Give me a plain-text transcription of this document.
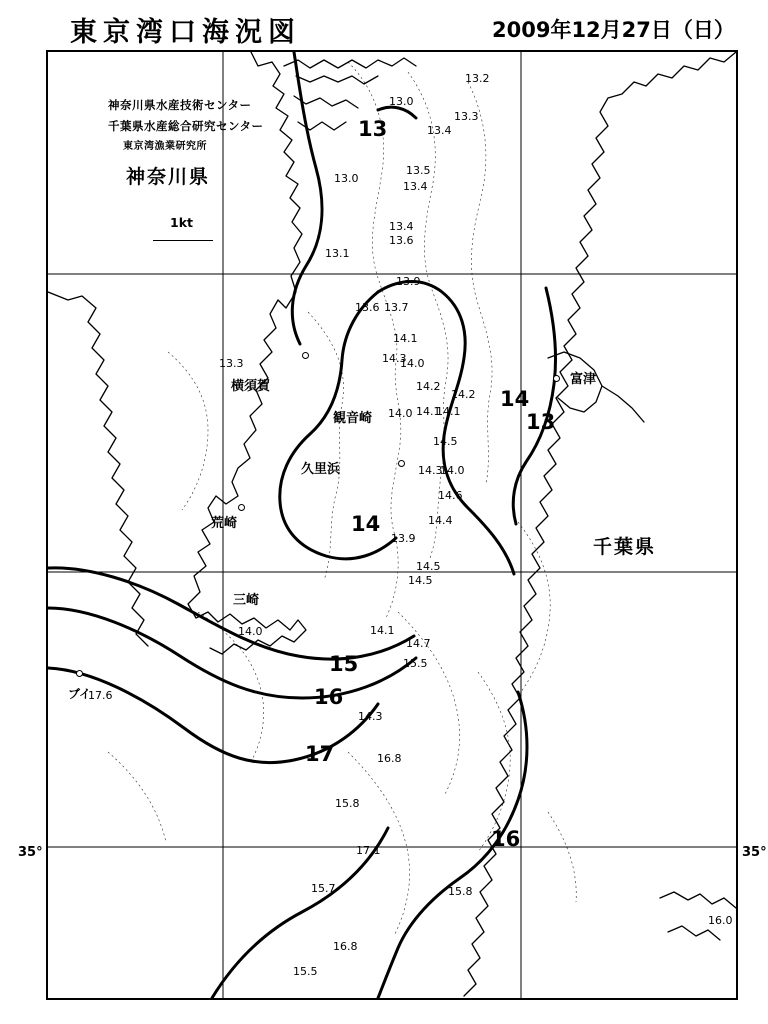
東京湾口海況図	2009年12月27日（日）
35°	35°
神奈川県水産技術センター
千葉県水産総合研究センター
東京湾漁業研究所
神奈川県
千葉県
1kt
横須賀
観音崎
久里浜
荒崎
三崎
富津
ブイ
13
14
13
14
15
16
17
16
13.2
13.0
13.3
13.4
13.0
13.5
13.4
13.4
13.6
13.1
13.9
13.6 13.7
14.1
14.3
14.0
14.2
14.2
14.0 14.1
14.1
14.5
14.3
14.0
14.6
14.4
13.9
14.5
14.5
14.0	14.1
14.7
15.5
14.3
16.8
15.8
17.1
15.7	15.8
15.5
16.8
16.0
13.3
17.6
